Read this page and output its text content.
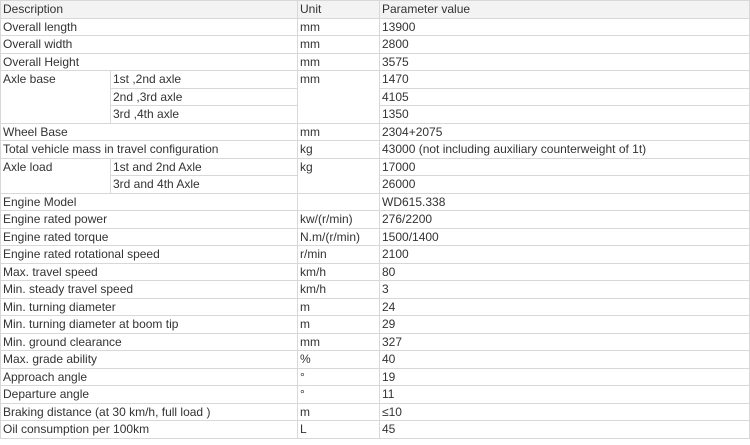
Description		Unit	Parameter value
Overall length		mm	13900
Overall width		mm	2800
Overall Height		mm	3575
Axle base	1st ,2nd axle	mm	1470
	2nd ,3rd axle		4105
	3rd ,4th axle		1350
Wheel Base		mm	2304+2075
Total vehicle mass in travel configuration		kg	43000 (not including auxiliary counterweight of 1t)
Axle load	1st and 2nd Axle	kg	17000
	3rd and 4th Axle		26000
Engine Model			WD615.338
Engine rated power		kw/(r/min)	276/2200
Engine rated torque		N.m/(r/min)	1500/1400
Engine rated rotational speed		r/min	2100
Max. travel speed		km/h	80
Min. steady travel speed		km/h	3
Min. turning diameter		m	24
Min. turning diameter at boom tip		m	29
Min. ground clearance		mm	327
Max. grade ability		%	40
Approach angle		°	19
Departure angle		°	11
Braking distance (at 30 km/h, full load )		m	≤10
Oil consumption per 100km		L	45
